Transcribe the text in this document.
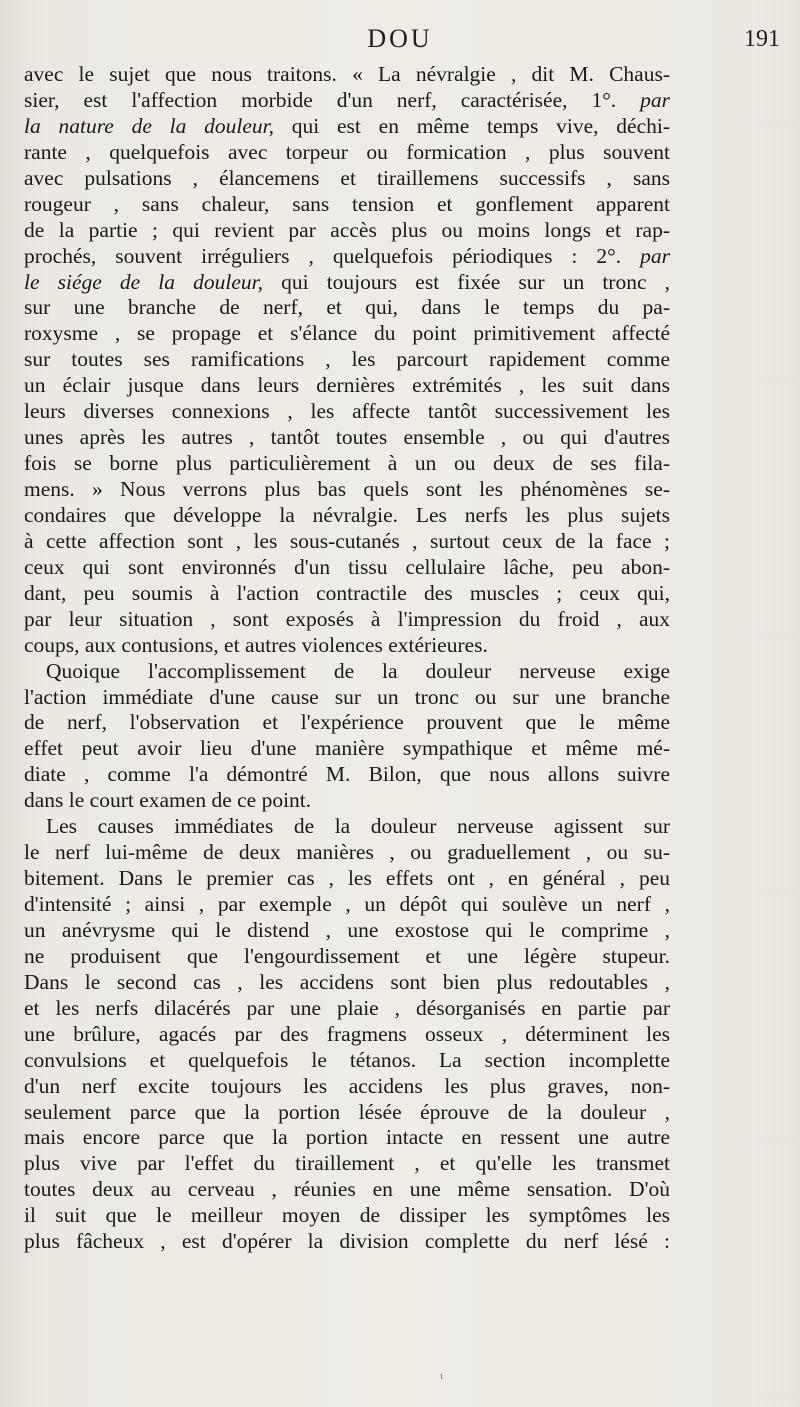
DOU	191
avec le sujet que nous traitons. « La névralgie , dit M. Chaus-
sier, est l'affection morbide d'un nerf, caractérisée, 1°. par
la nature de la douleur, qui est en même temps vive, déchi-
rante , quelquefois avec torpeur ou formication , plus souvent
avec pulsations , élancemens et tiraillemens successifs , sans
rougeur , sans chaleur, sans tension et gonflement apparent
de la partie ; qui revient par accès plus ou moins longs et rap-
prochés, souvent irréguliers , quelquefois périodiques : 2°. par
le siége de la douleur, qui toujours est fixée sur un tronc ,
sur une branche de nerf, et qui, dans le temps du pa-
roxysme , se propage et s'élance du point primitivement affecté
sur toutes ses ramifications , les parcourt rapidement comme
un éclair jusque dans leurs dernières extrémités , les suit dans
leurs diverses connexions , les affecte tantôt successivement les
unes après les autres , tantôt toutes ensemble , ou qui d'autres
fois se borne plus particulièrement à un ou deux de ses fila-
mens. » Nous verrons plus bas quels sont les phénomènes se-
condaires que développe la névralgie. Les nerfs les plus sujets
à cette affection sont , les sous-cutanés , surtout ceux de la face ;
ceux qui sont environnés d'un tissu cellulaire lâche, peu abon-
dant, peu soumis à l'action contractile des muscles ; ceux qui,
par leur situation , sont exposés à l'impression du froid , aux
coups, aux contusions, et autres violences extérieures.
Quoique l'accomplissement de la douleur nerveuse exige
l'action immédiate d'une cause sur un tronc ou sur une branche
de nerf, l'observation et l'expérience prouvent que le même
effet peut avoir lieu d'une manière sympathique et même mé-
diate , comme l'a démontré M. Bilon, que nous allons suivre
dans le court examen de ce point.
Les causes immédiates de la douleur nerveuse agissent sur
le nerf lui-même de deux manières , ou graduellement , ou su-
bitement. Dans le premier cas , les effets ont , en général , peu
d'intensité ; ainsi , par exemple , un dépôt qui soulève un nerf ,
un anévrysme qui le distend , une exostose qui le comprime ,
ne produisent que l'engourdissement et une légère stupeur.
Dans le second cas , les accidens sont bien plus redoutables ,
et les nerfs dilacérés par une plaie , désorganisés en partie par
une brûlure, agacés par des fragmens osseux , déterminent les
convulsions et quelquefois le tétanos. La section incomplette
d'un nerf excite toujours les accidens les plus graves, non-
seulement parce que la portion lésée éprouve de la douleur ,
mais encore parce que la portion intacte en ressent une autre
plus vive par l'effet du tiraillement , et qu'elle les transmet
toutes deux au cerveau , réunies en une même sensation. D'où
il suit que le meilleur moyen de dissiper les symptômes les
plus fâcheux , est d'opérer la division complette du nerf lésé :
ι
